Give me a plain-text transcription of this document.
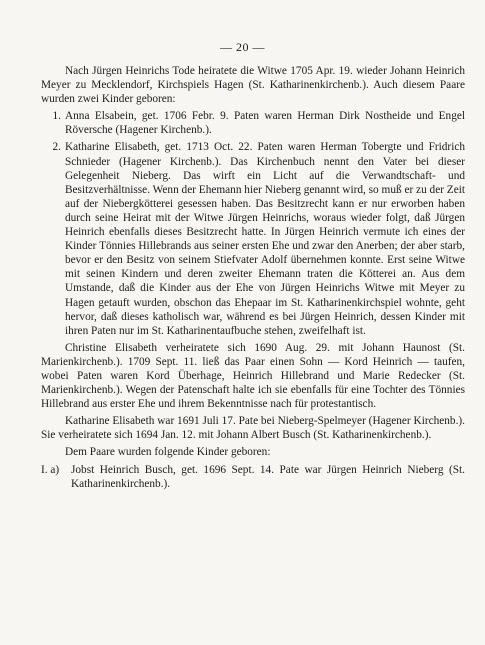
— 20 —

Nach Jürgen Heinrichs Tode heiratete die Witwe 1705 Apr. 19. wieder Johann Heinrich Meyer zu Mecklendorf, Kirchspiels Hagen (St. Katharinenkirchenb.). Auch diesem Paare wurden zwei Kinder geboren:

1. Anna Elsabein, get. 1706 Febr. 9. Paten waren Herman Dirk Nostheide und Engel Röversche (Hagener Kirchenb.).
2. Katharine Elisabeth, get. 1713 Oct. 22. Paten waren Herman Tobergte und Fridrich Schnieder (Hagener Kirchenb.). Das Kirchenbuch nennt den Vater bei dieser Gelegenheit Nieberg. Das wirft ein Licht auf die Verwandtschaft- und Besitzverhältnisse. Wenn der Ehemann hier Nieberg genannt wird, so muß er zu der Zeit auf der Niebergkötterei gesessen haben. Das Besitzrecht kann er nur erworben haben durch seine Heirat mit der Witwe Jürgen Heinrichs, woraus wieder folgt, daß Jürgen Heinrich ebenfalls dieses Besitzrecht hatte. In Jürgen Heinrich vermute ich eines der Kinder Tönnies Hillebrands aus seiner ersten Ehe und zwar den Anerben; der aber starb, bevor er den Besitz von seinem Stiefvater Adolf übernehmen konnte. Erst seine Witwe mit seinen Kindern und deren zweiter Ehemann traten die Kötterei an. Aus dem Umstande, daß die Kinder aus der Ehe von Jürgen Heinrichs Witwe mit Meyer zu Hagen getauft wurden, obschon das Ehepaar im St. Katharinenkirchspiel wohnte, geht hervor, daß dieses katholisch war, während es bei Jürgen Heinrich, dessen Kinder mit ihren Paten nur im St. Katharinentaufbuche stehen, zweifelhaft ist.

Christine Elisabeth verheiratete sich 1690 Aug. 29. mit Johann Haunost (St. Marienkirchenb.). 1709 Sept. 11. ließ das Paar einen Sohn — Kord Heinrich — taufen, wobei Paten waren Kord Überhage, Heinrich Hillebrand und Marie Redecker (St. Marienkirchenb.). Wegen der Patenschaft halte ich sie ebenfalls für eine Tochter des Tönnies Hillebrand aus erster Ehe und ihrem Bekenntnisse nach für protestantisch.

Katharine Elisabeth war 1691 Juli 17. Pate bei Nieberg-Spelmeyer (Hagener Kirchenb.). Sie verheiratete sich 1694 Jan. 12. mit Johann Albert Busch (St. Katharinenkirchenb.).

Dem Paare wurden folgende Kinder geboren:

I. a)	Jobst Heinrich Busch, get. 1696 Sept. 14. Pate war Jürgen Heinrich Nieberg (St. Katharinenkirchenb.).
